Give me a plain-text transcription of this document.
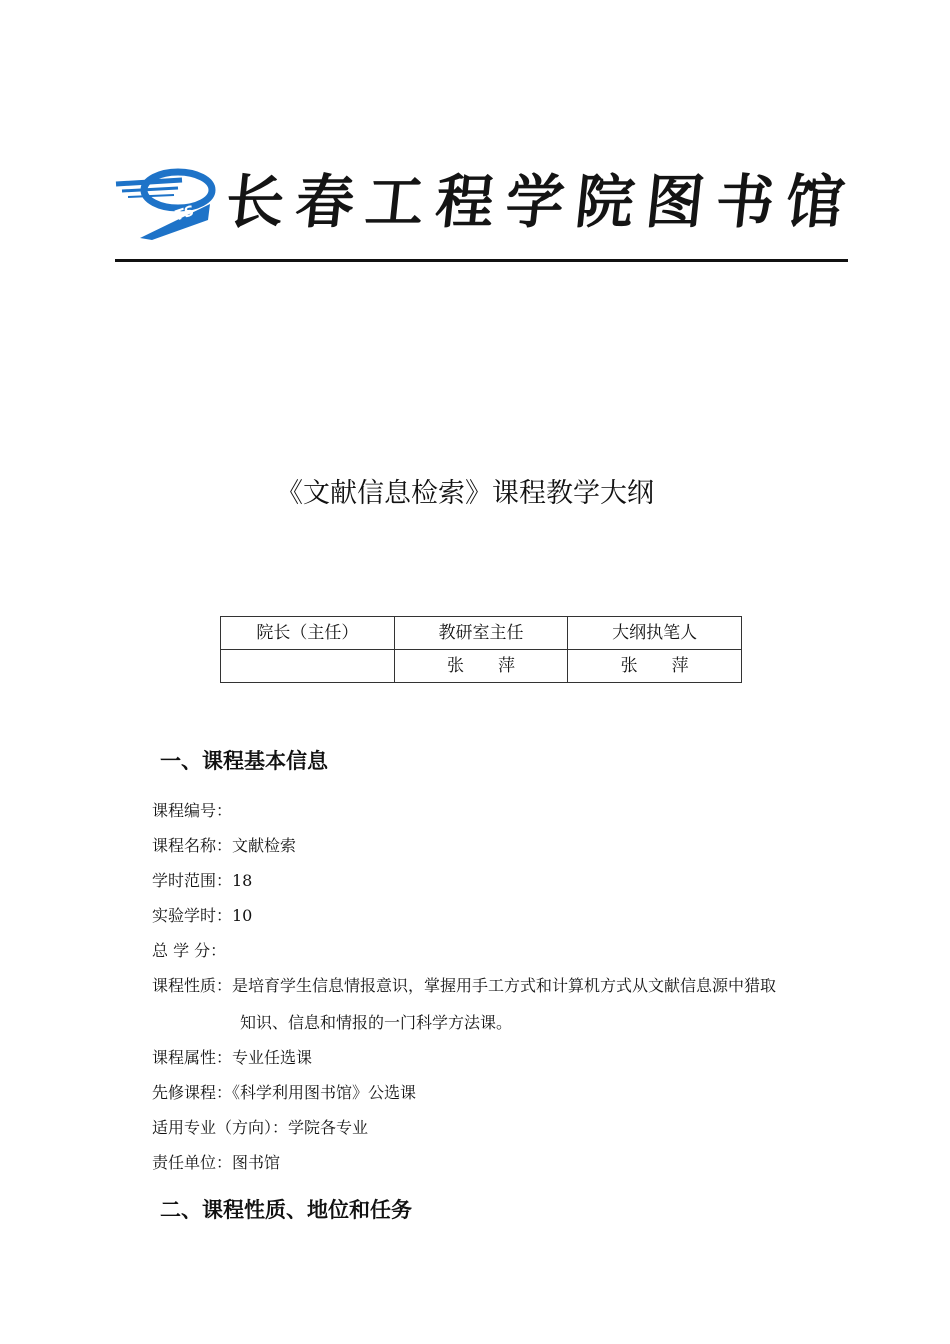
LGTS 长春工程学院图书馆
《文献信息检索》课程教学大纲
院长（主任）	教研室主任	大纲执笔人
	张　　萍	张　　萍
一、课程基本信息
课程编号：
课程名称：文献检索
学时范围：18
实验学时：10
总 学 分：
课程性质：是培育学生信息情报意识，掌握用手工方式和计算机方式从文献信息源中猎取
知识、信息和情报的一门科学方法课。
课程属性：专业任选课
先修课程：《科学利用图书馆》公选课
适用专业（方向）：学院各专业
责任单位：图书馆
二、课程性质、地位和任务
